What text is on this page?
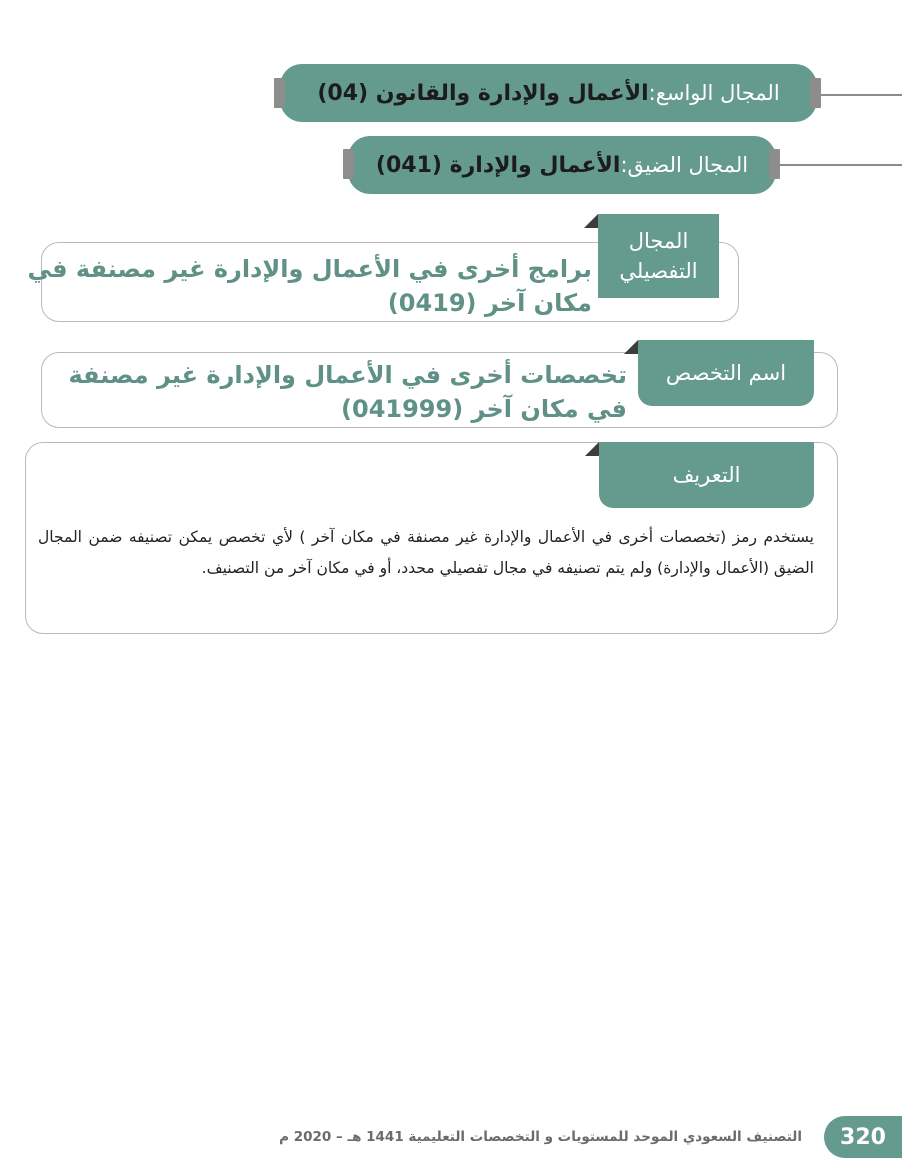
المجال الواسع:
الأعمال والإدارة والقانون (04)
المجال الضيق:
الأعمال والإدارة (041)
المجال
التفصيلي
برامج أخرى في الأعمال والإدارة غير مصنفة في
مكان آخر (0419)
اسم التخصص
تخصصات أخرى في الأعمال والإدارة غير مصنفة
في مكان آخر (041999)
التعريف
يستخدم رمز (تخصصات أخرى في الأعمال والإدارة غير مصنفة في مكان آخر ) لأي تخصص يمكن تصنيفه ضمن المجال الضيق (الأعمال والإدارة) ولم يتم تصنيفه في مجال تفصيلي محدد، أو في مكان آخر من التصنيف.
التصنيف السعودي الموحد للمستويات و التخصصات التعليمية 1441 هـ – 2020 م	320
